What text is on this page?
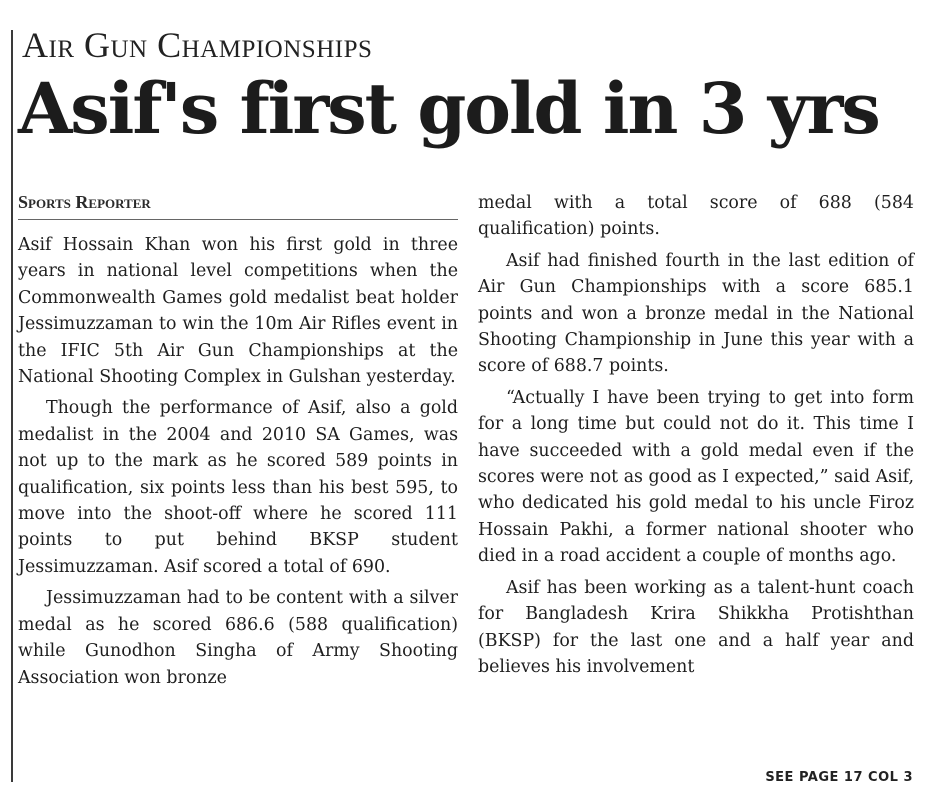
Air Gun Championships
Asif's first gold in 3 yrs
Sports Reporter

Asif Hossain Khan won his first gold in three years in national level competitions when the Commonwealth Games gold medalist beat holder Jessimuzzaman to win the 10m Air Rifles event in the IFIC 5th Air Gun Championships at the National Shooting Complex in Gulshan yesterday.

Though the performance of Asif, also a gold medalist in the 2004 and 2010 SA Games, was not up to the mark as he scored 589 points in qualification, six points less than his best 595, to move into the shoot-off where he scored 111 points to put behind BKSP student Jessimuzzaman. Asif scored a total of 690.

Jessimuzzaman had to be content with a silver medal as he scored 686.6 (588 qualification) while Gunodhon Singha of Army Shooting Association won bronze

medal with a total score of 688 (584 qualification) points.

Asif had finished fourth in the last edition of Air Gun Championships with a score 685.1 points and won a bronze medal in the National Shooting Championship in June this year with a score of 688.7 points.

“Actually I have been trying to get into form for a long time but could not do it. This time I have succeeded with a gold medal even if the scores were not as good as I expected,” said Asif, who dedicated his gold medal to his uncle Firoz Hossain Pakhi, a former national shooter who died in a road accident a couple of months ago.

Asif has been working as a talent-hunt coach for Bangladesh Krira Shikkha Protishthan (BKSP) for the last one and a half year and believes his involvement

SEE PAGE 17 COL 3
